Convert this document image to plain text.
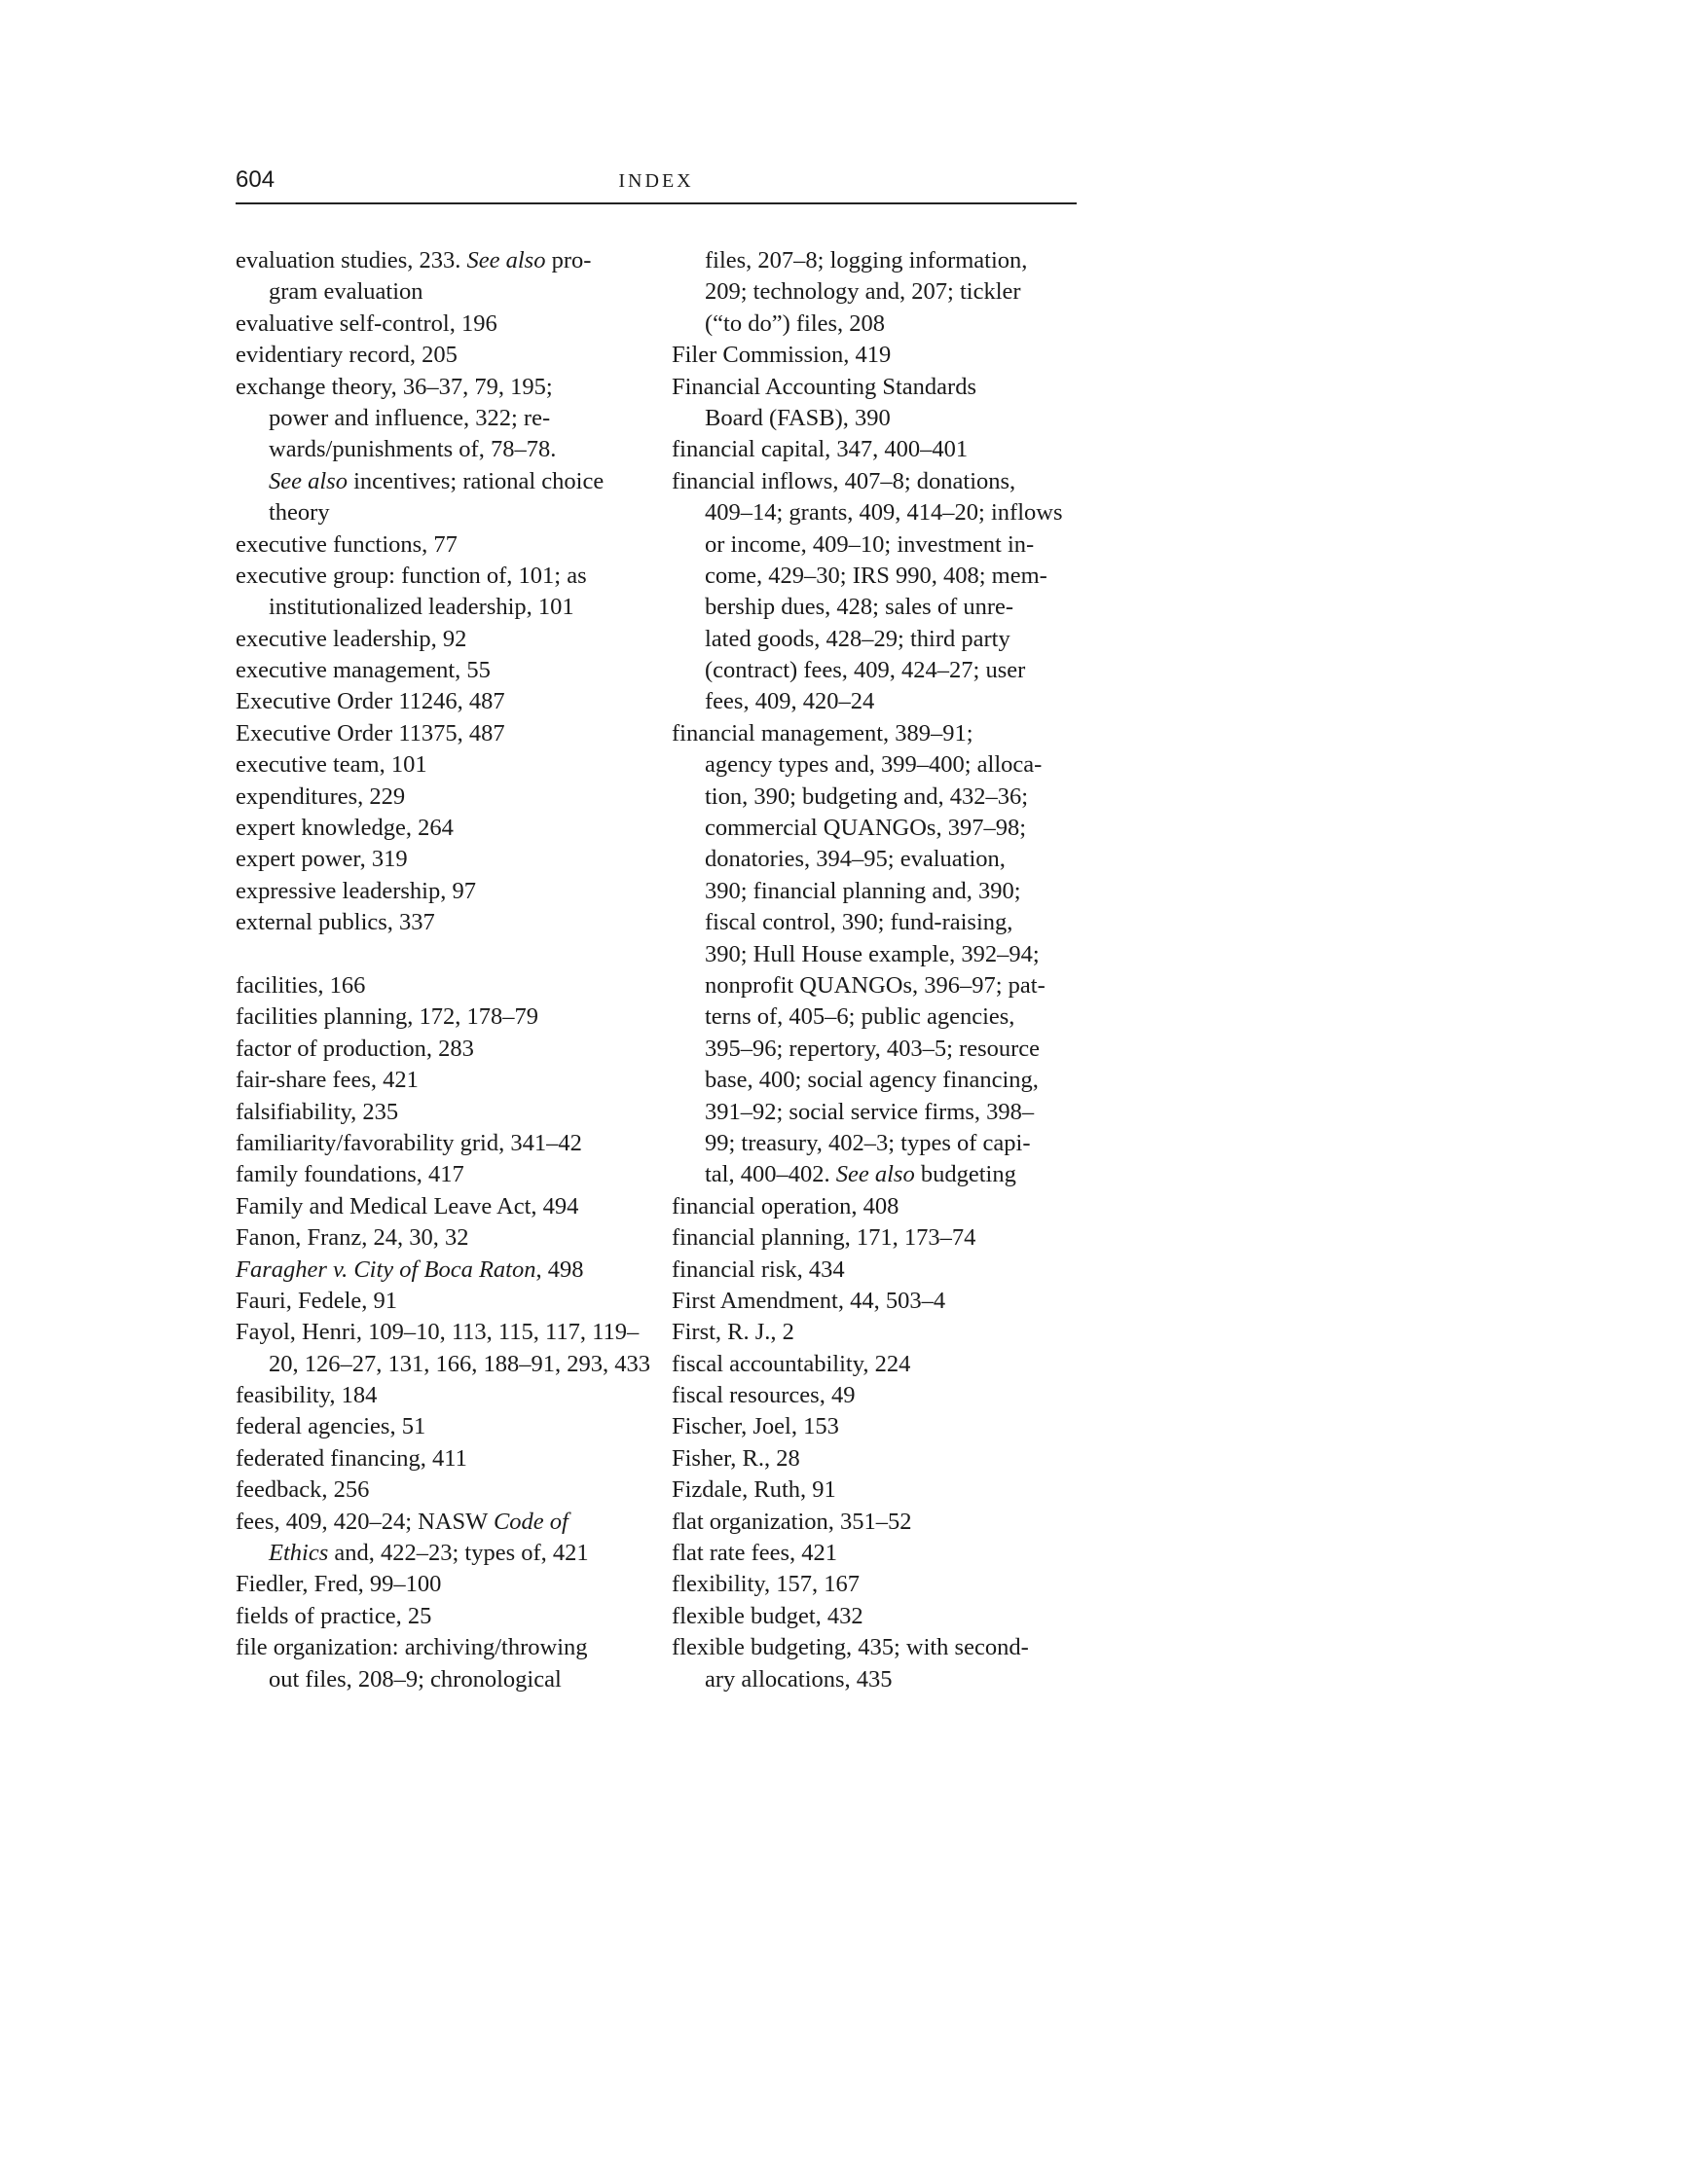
604	INDEX
evaluation studies, 233. See also pro-
gram evaluation
evaluative self-control, 196
evidentiary record, 205
exchange theory, 36–37, 79, 195;
power and influence, 322; re-
wards/punishments of, 78–78.
See also incentives; rational choice
theory
executive functions, 77
executive group: function of, 101; as
institutionalized leadership, 101
executive leadership, 92
executive management, 55
Executive Order 11246, 487
Executive Order 11375, 487
executive team, 101
expenditures, 229
expert knowledge, 264
expert power, 319
expressive leadership, 97
external publics, 337
facilities, 166
facilities planning, 172, 178–79
factor of production, 283
fair-share fees, 421
falsifiability, 235
familiarity/favorability grid, 341–42
family foundations, 417
Family and Medical Leave Act, 494
Fanon, Franz, 24, 30, 32
Faragher v. City of Boca Raton, 498
Fauri, Fedele, 91
Fayol, Henri, 109–10, 113, 115, 117, 119–
20, 126–27, 131, 166, 188–91, 293, 433
feasibility, 184
federal agencies, 51
federated financing, 411
feedback, 256
fees, 409, 420–24; NASW Code of
Ethics and, 422–23; types of, 421
Fiedler, Fred, 99–100
fields of practice, 25
file organization: archiving/throwing
out files, 208–9; chronological
files, 207–8; logging information,
209; technology and, 207; tickler
(“to do”) files, 208
Filer Commission, 419
Financial Accounting Standards
Board (FASB), 390
financial capital, 347, 400–401
financial inflows, 407–8; donations,
409–14; grants, 409, 414–20; inflows
or income, 409–10; investment in-
come, 429–30; IRS 990, 408; mem-
bership dues, 428; sales of unre-
lated goods, 428–29; third party
(contract) fees, 409, 424–27; user
fees, 409, 420–24
financial management, 389–91;
agency types and, 399–400; alloca-
tion, 390; budgeting and, 432–36;
commercial QUANGOs, 397–98;
donatories, 394–95; evaluation,
390; financial planning and, 390;
fiscal control, 390; fund-raising,
390; Hull House example, 392–94;
nonprofit QUANGOs, 396–97; pat-
terns of, 405–6; public agencies,
395–96; repertory, 403–5; resource
base, 400; social agency financing,
391–92; social service firms, 398–
99; treasury, 402–3; types of capi-
tal, 400–402. See also budgeting
financial operation, 408
financial planning, 171, 173–74
financial risk, 434
First Amendment, 44, 503–4
First, R. J., 2
fiscal accountability, 224
fiscal resources, 49
Fischer, Joel, 153
Fisher, R., 28
Fizdale, Ruth, 91
flat organization, 351–52
flat rate fees, 421
flexibility, 157, 167
flexible budget, 432
flexible budgeting, 435; with second-
ary allocations, 435
